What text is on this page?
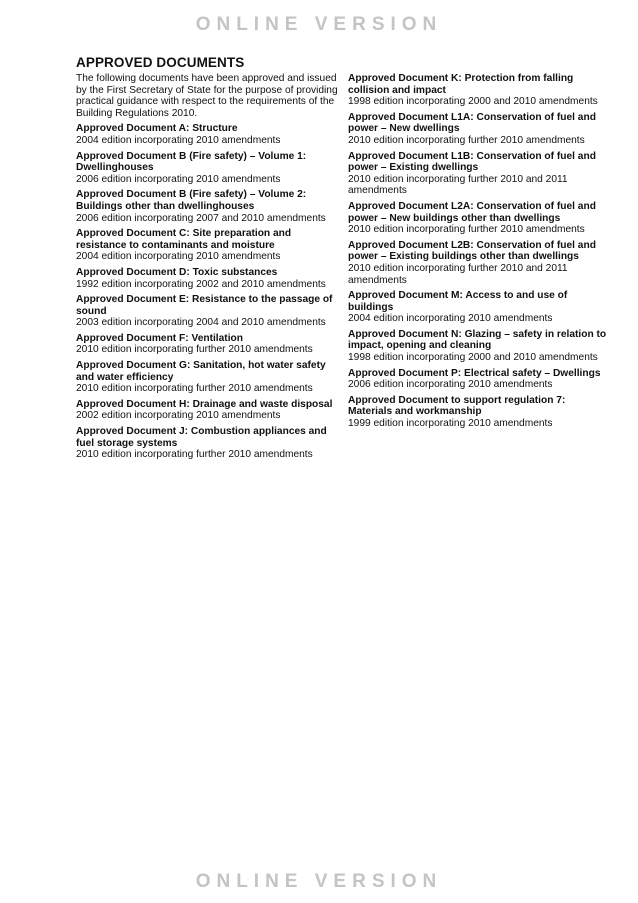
ONLINE VERSION
APPROVED DOCUMENTS

The following documents have been approved and issued by the First Secretary of State for the purpose of providing practical guidance with respect to the requirements of the Building Regulations 2010.

Approved Document A: Structure
2004 edition incorporating 2010 amendments
Approved Document B (Fire safety) – Volume 1: Dwellinghouses
2006 edition incorporating 2010 amendments
Approved Document B (Fire safety) – Volume 2: Buildings other than dwellinghouses
2006 edition incorporating 2007 and 2010 amendments
Approved Document C: Site preparation and resistance to contaminants and moisture
2004 edition incorporating 2010 amendments
Approved Document D: Toxic substances
1992 edition incorporating 2002 and 2010 amendments
Approved Document E: Resistance to the passage of sound
2003 edition incorporating 2004 and 2010 amendments
Approved Document F: Ventilation
2010 edition incorporating further 2010 amendments
Approved Document G: Sanitation, hot water safety and water efficiency
2010 edition incorporating further 2010 amendments
Approved Document H: Drainage and waste disposal
2002 edition incorporating 2010 amendments
Approved Document J: Combustion appliances and fuel storage systems
2010 edition incorporating further 2010 amendments
Approved Document K: Protection from falling collision and impact
1998 edition incorporating 2000 and 2010 amendments
Approved Document L1A: Conservation of fuel and power – New dwellings
2010 edition incorporating further 2010 amendments
Approved Document L1B: Conservation of fuel and power – Existing dwellings
2010 edition incorporating further 2010 and 2011 amendments
Approved Document L2A: Conservation of fuel and power – New buildings other than dwellings
2010 edition incorporating further 2010 amendments
Approved Document L2B: Conservation of fuel and power – Existing buildings other than dwellings
2010 edition incorporating further 2010 and 2011 amendments
Approved Document M: Access to and use of buildings
2004 edition incorporating 2010 amendments
Approved Document N: Glazing – safety in relation to impact, opening and cleaning
1998 edition incorporating 2000 and 2010 amendments
Approved Document P: Electrical safety – Dwellings
2006 edition incorporating 2010 amendments
Approved Document to support regulation 7: Materials and workmanship
1999 edition incorporating 2010 amendments
ONLINE VERSION
